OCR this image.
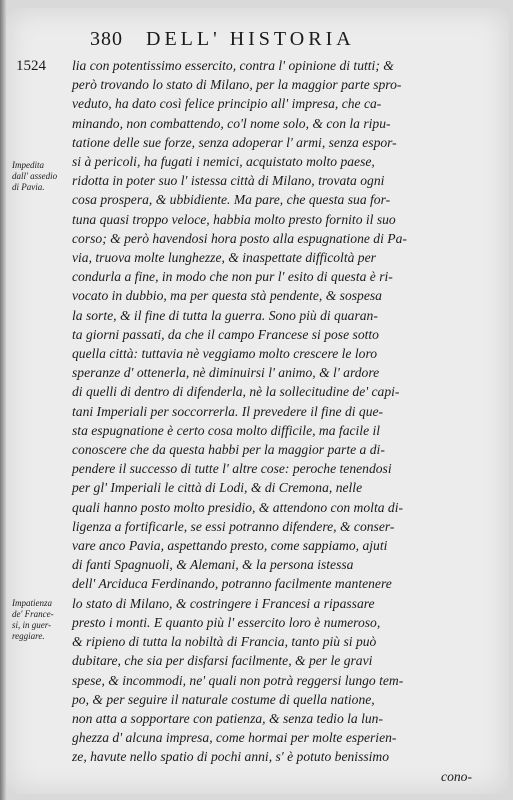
380 DELL' HISTORIA
1524
Impedita
dall' assedio
di Pavia.
Impatienza
de' France-
si, in guer-
reggiare.
lia con potentissimo essercito, contra l' opinione di tutti; &
però trovando lo stato di Milano, per la maggior parte spro-
veduto, ha dato così felice principio all' impresa, che ca-
minando, non combattendo, co'l nome solo, & con la ripu-
tatione delle sue forze, senza adoperar l' armi, senza espor-
si à pericoli, ha fugati i nemici, acquistato molto paese,
ridotta in poter suo l' istessa città di Milano, trovata ogni
cosa prospera, & ubbidiente. Ma pare, che questa sua for-
tuna quasi troppo veloce, habbia molto presto fornito il suo
corso; & però havendosi hora posto alla espugnatione di Pa-
via, truova molte lunghezze, & inaspettate difficoltà per
condurla a fine, in modo che non pur l' esito di questa è ri-
vocato in dubbio, ma per questa stà pendente, & sospesa
la sorte, & il fine di tutta la guerra. Sono più di quaran-
ta giorni passati, da che il campo Francese si pose sotto
quella città: tuttavia nè veggiamo molto crescere le loro
speranze d' ottenerla, nè diminuirsi l' animo, & l' ardore
di quelli di dentro di difenderla, nè la sollecitudine de' capi-
tani Imperiali per soccorrerla. Il prevedere il fine di que-
sta espugnatione è certo cosa molto difficile, ma facile il
conoscere che da questa habbi per la maggior parte a di-
pendere il successo di tutte l' altre cose: peroche tenendosi
per gl' Imperiali le città di Lodi, & di Cremona, nelle
quali hanno posto molto presidio, & attendono con molta di-
ligenza a fortificarle, se essi potranno difendere, & conser-
vare anco Pavia, aspettando presto, come sappiamo, ajuti
di fanti Spagnuoli, & Alemani, & la persona istessa
dell' Arciduca Ferdinando, potranno facilmente mantenere
lo stato di Milano, & costringere i Francesi a ripassare
presto i monti. E quanto più l' essercito loro è numeroso,
& ripieno di tutta la nobiltà di Francia, tanto più si può
dubitare, che sia per disfarsi facilmente, & per le gravi
spese, & incommodi, ne' quali non potrà reggersi lungo tem-
po, & per seguire il naturale costume di quella natione,
non atta a sopportare con patienza, & senza tedio la lun-
ghezza d' alcuna impresa, come hormai per molte esperien-
ze, havute nello spatio di pochi anni, s' è potuto benissimo
cono-
